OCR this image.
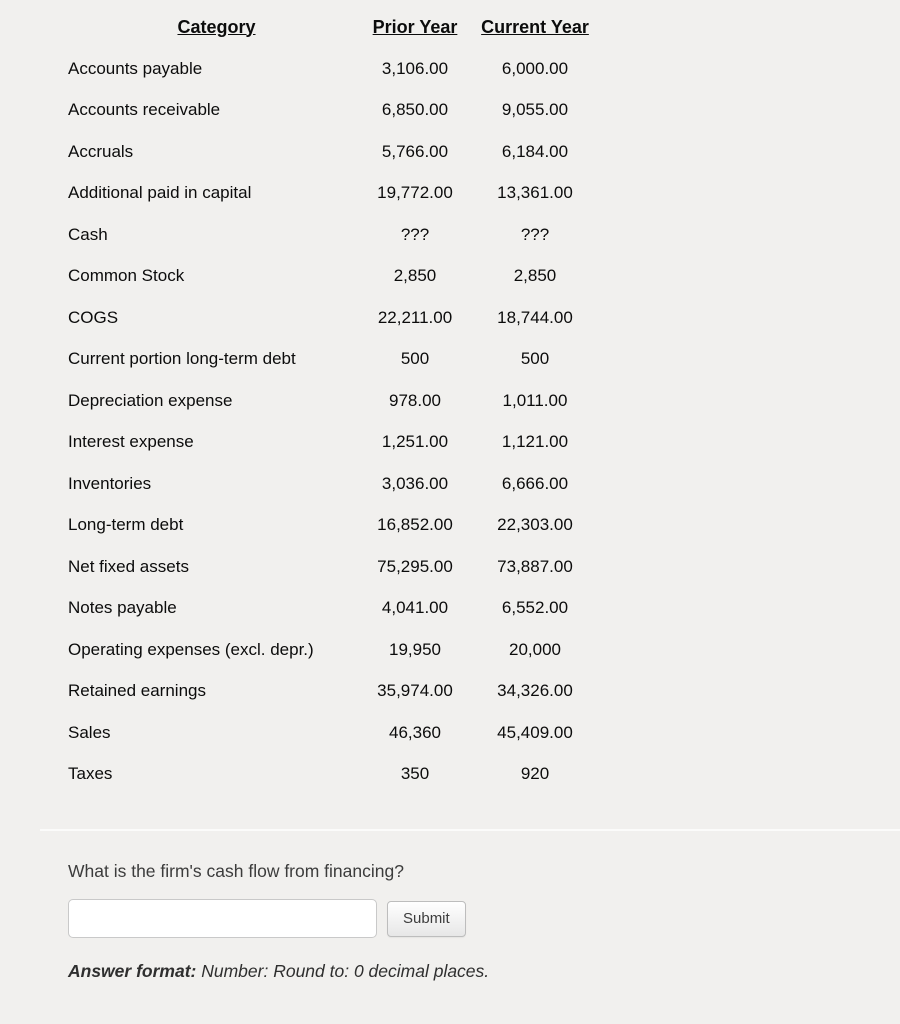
Category	Prior Year	Current Year
Accounts payable	3,106.00	6,000.00
Accounts receivable	6,850.00	9,055.00
Accruals	5,766.00	6,184.00
Additional paid in capital	19,772.00	13,361.00
Cash	???	???
Common Stock	2,850	2,850
COGS	22,211.00	18,744.00
Current portion long-term debt	500	500
Depreciation expense	978.00	1,011.00
Interest expense	1,251.00	1,121.00
Inventories	3,036.00	6,666.00
Long-term debt	16,852.00	22,303.00
Net fixed assets	75,295.00	73,887.00
Notes payable	4,041.00	6,552.00
Operating expenses (excl. depr.)	19,950	20,000
Retained earnings	35,974.00	34,326.00
Sales	46,360	45,409.00
Taxes	350	920
What is the firm's cash flow from financing?
Submit
Answer format: Number: Round to: 0 decimal places.
